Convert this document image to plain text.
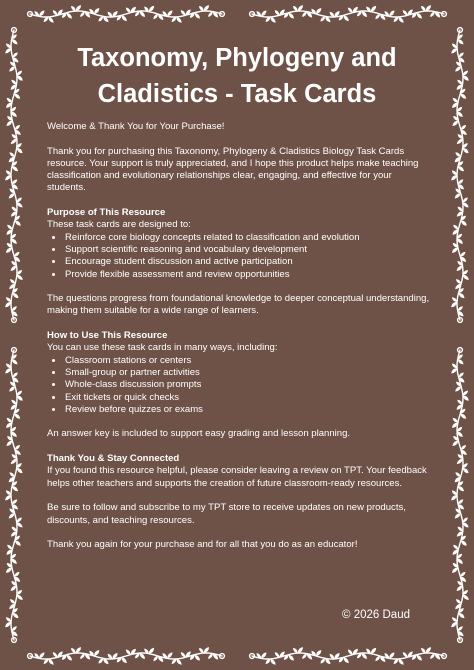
Taxonomy, Phylogeny and
Cladistics - Task Cards

Welcome & Thank You for Your Purchase!

Thank you for purchasing this Taxonomy, Phylogeny & Cladistics Biology Task Cards resource. Your support is truly appreciated, and I hope this product helps make teaching classification and evolutionary relationships clear, engaging, and effective for your students.

Purpose of This Resource
These task cards are designed to:
• Reinforce core biology concepts related to classification and evolution
• Support scientific reasoning and vocabulary development
• Encourage student discussion and active participation
• Provide flexible assessment and review opportunities

The questions progress from foundational knowledge to deeper conceptual understanding, making them suitable for a wide range of learners.

How to Use This Resource
You can use these task cards in many ways, including:
• Classroom stations or centers
• Small-group or partner activities
• Whole-class discussion prompts
• Exit tickets or quick checks
• Review before quizzes or exams

An answer key is included to support easy grading and lesson planning.

Thank You & Stay Connected

If you found this resource helpful, please consider leaving a review on TPT. Your feedback helps other teachers and supports the creation of future classroom-ready resources.

Be sure to follow and subscribe to my TPT store to receive updates on new products, discounts, and teaching resources.

Thank you again for your purchase and for all that you do as an educator!

© 2026 Daud
